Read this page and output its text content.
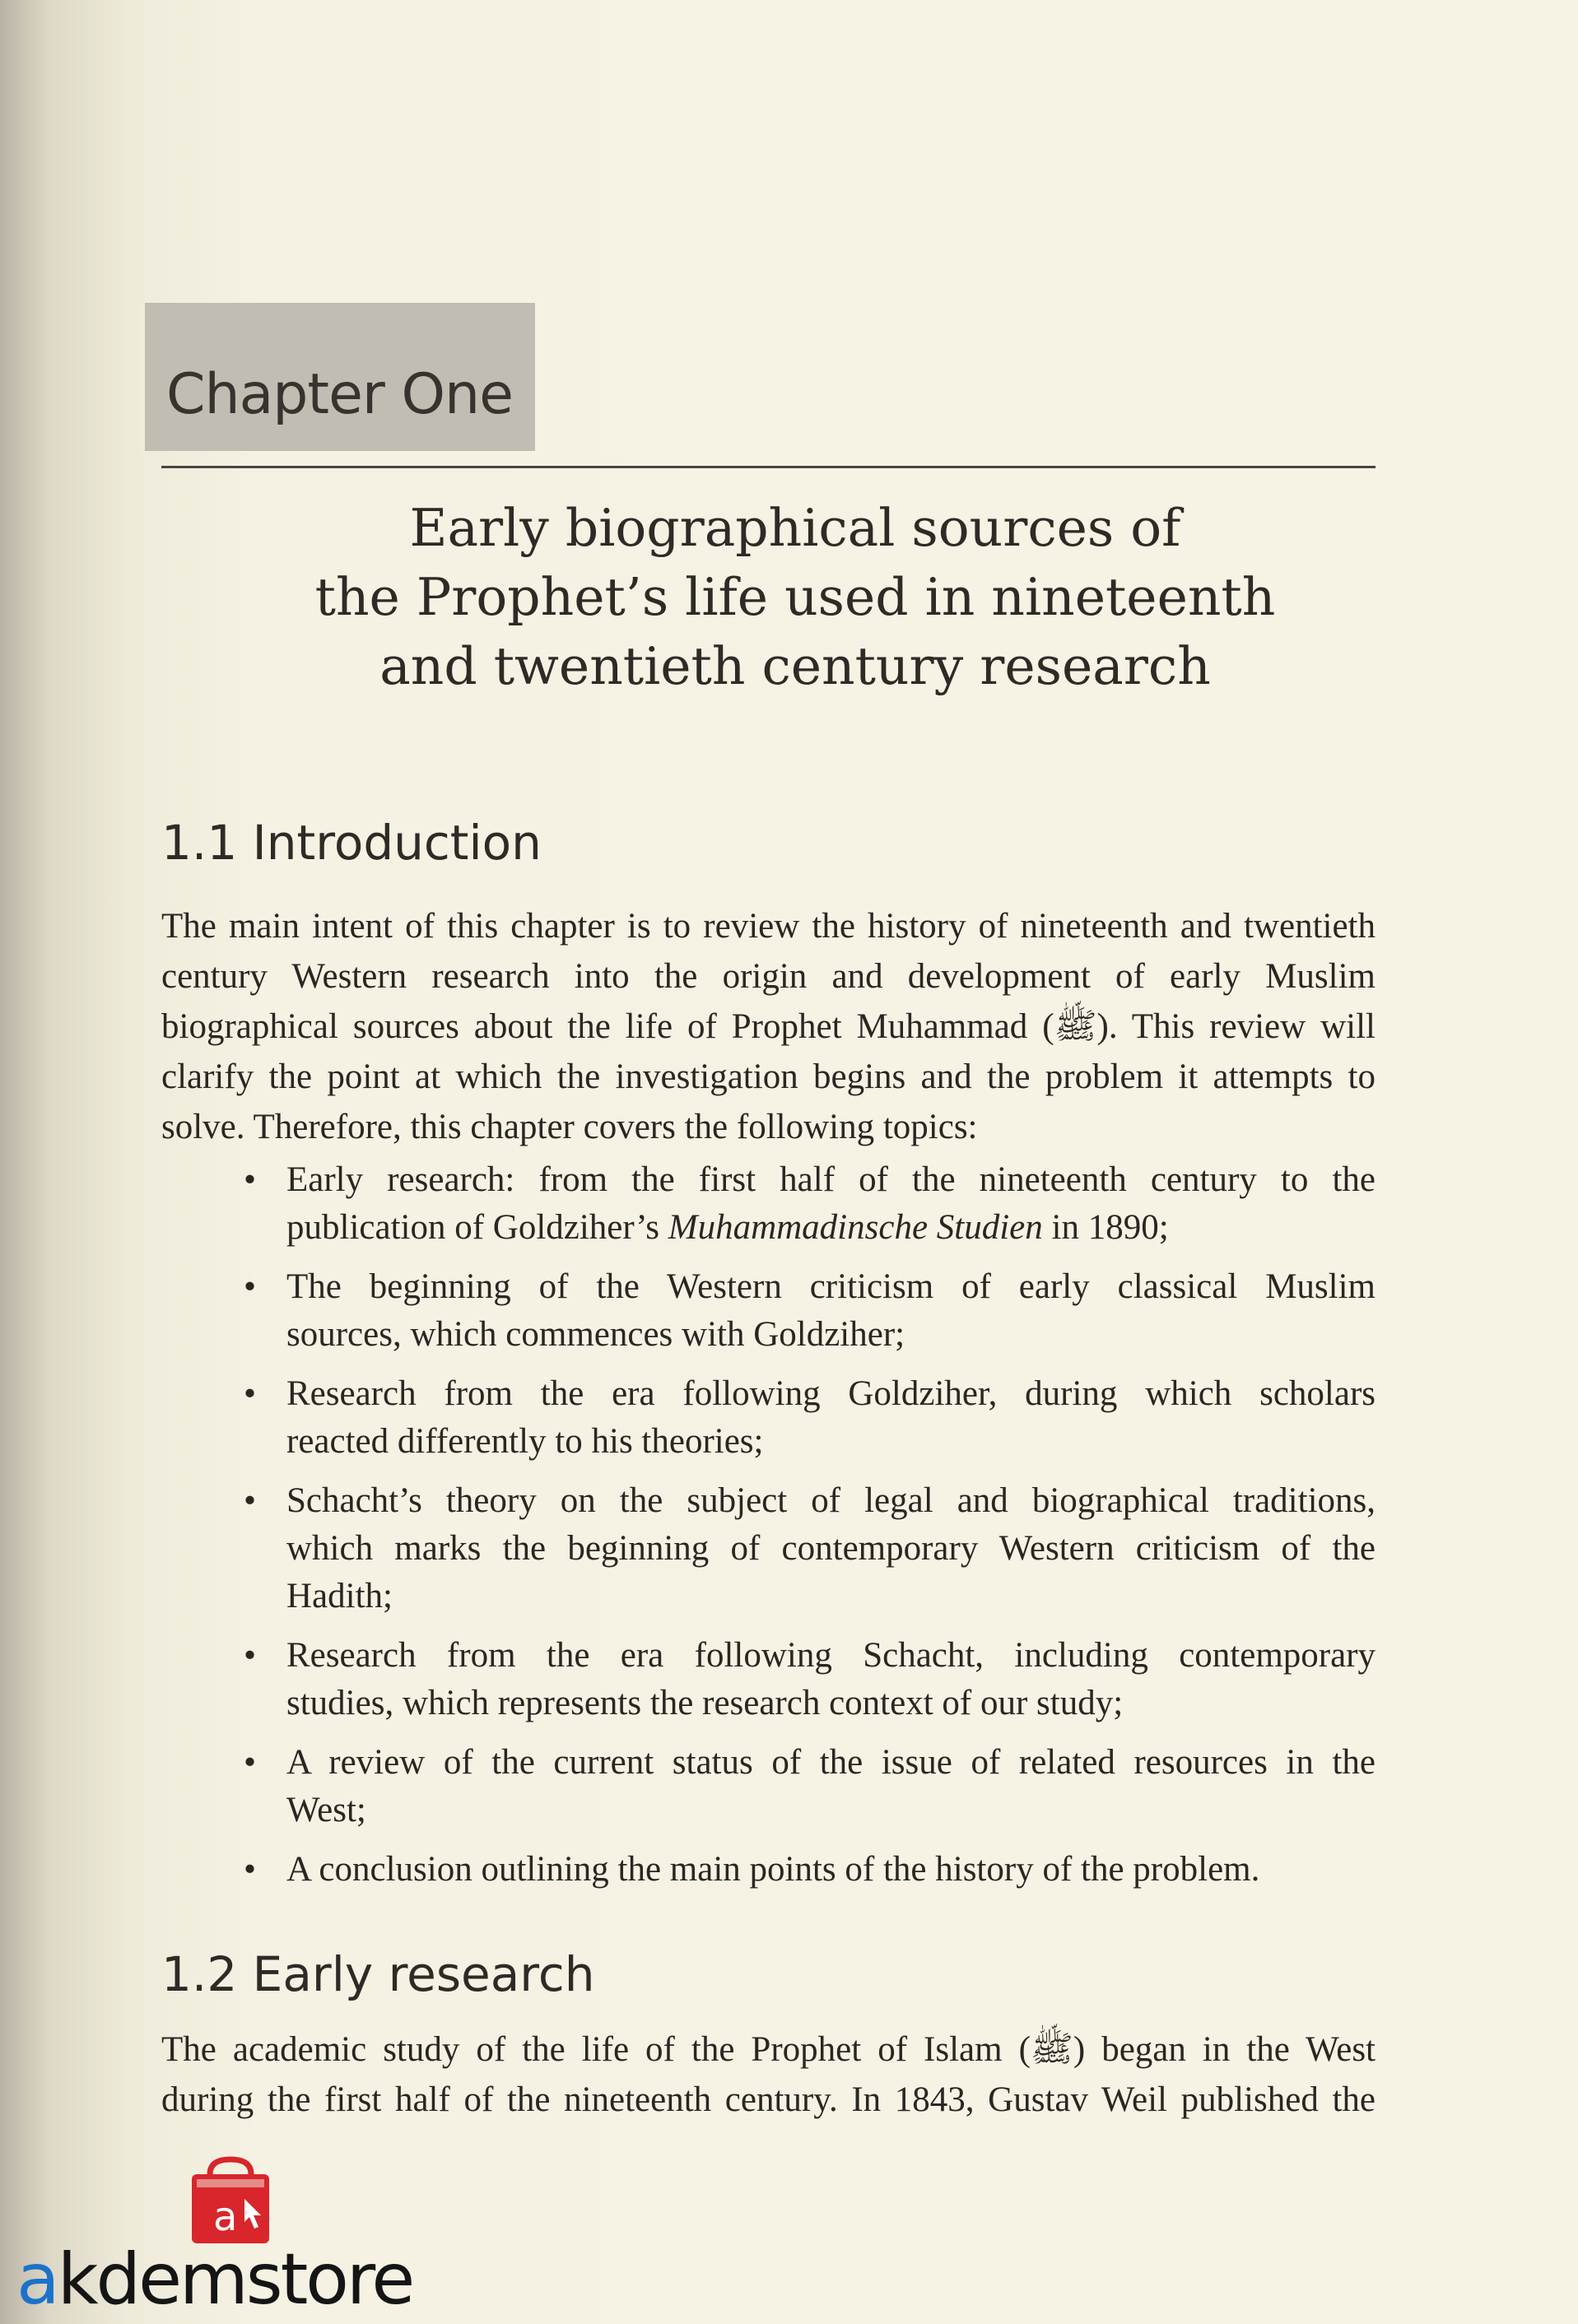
Chapter One
Early biographical sources of
the Prophet’s life used in nineteenth
and twentieth century research
1.1 Introduction
The main intent of this chapter is to review the history of nineteenth and twentieth
century Western research into the origin and development of early Muslim
biographical sources about the life of Prophet Muhammad (ﷺ). This review will
clarify the point at which the investigation begins and the problem it attempts to
solve. Therefore, this chapter covers the following topics:
• Early research: from the first half of the nineteenth century to the
publication of Goldziher’s Muhammadinsche Studien in 1890;
• The beginning of the Western criticism of early classical Muslim
sources, which commences with Goldziher;
• Research from the era following Goldziher, during which scholars
reacted differently to his theories;
• Schacht’s theory on the subject of legal and biographical traditions,
which marks the beginning of contemporary Western criticism of the
Hadith;
• Research from the era following Schacht, including contemporary
studies, which represents the research context of our study;
• A review of the current status of the issue of related resources in the
West;
• A conclusion outlining the main points of the history of the problem.
1.2 Early research
The academic study of the life of the Prophet of Islam (ﷺ) began in the West
during the first half of the nineteenth century. In 1843, Gustav Weil published the
a
akdemstore
